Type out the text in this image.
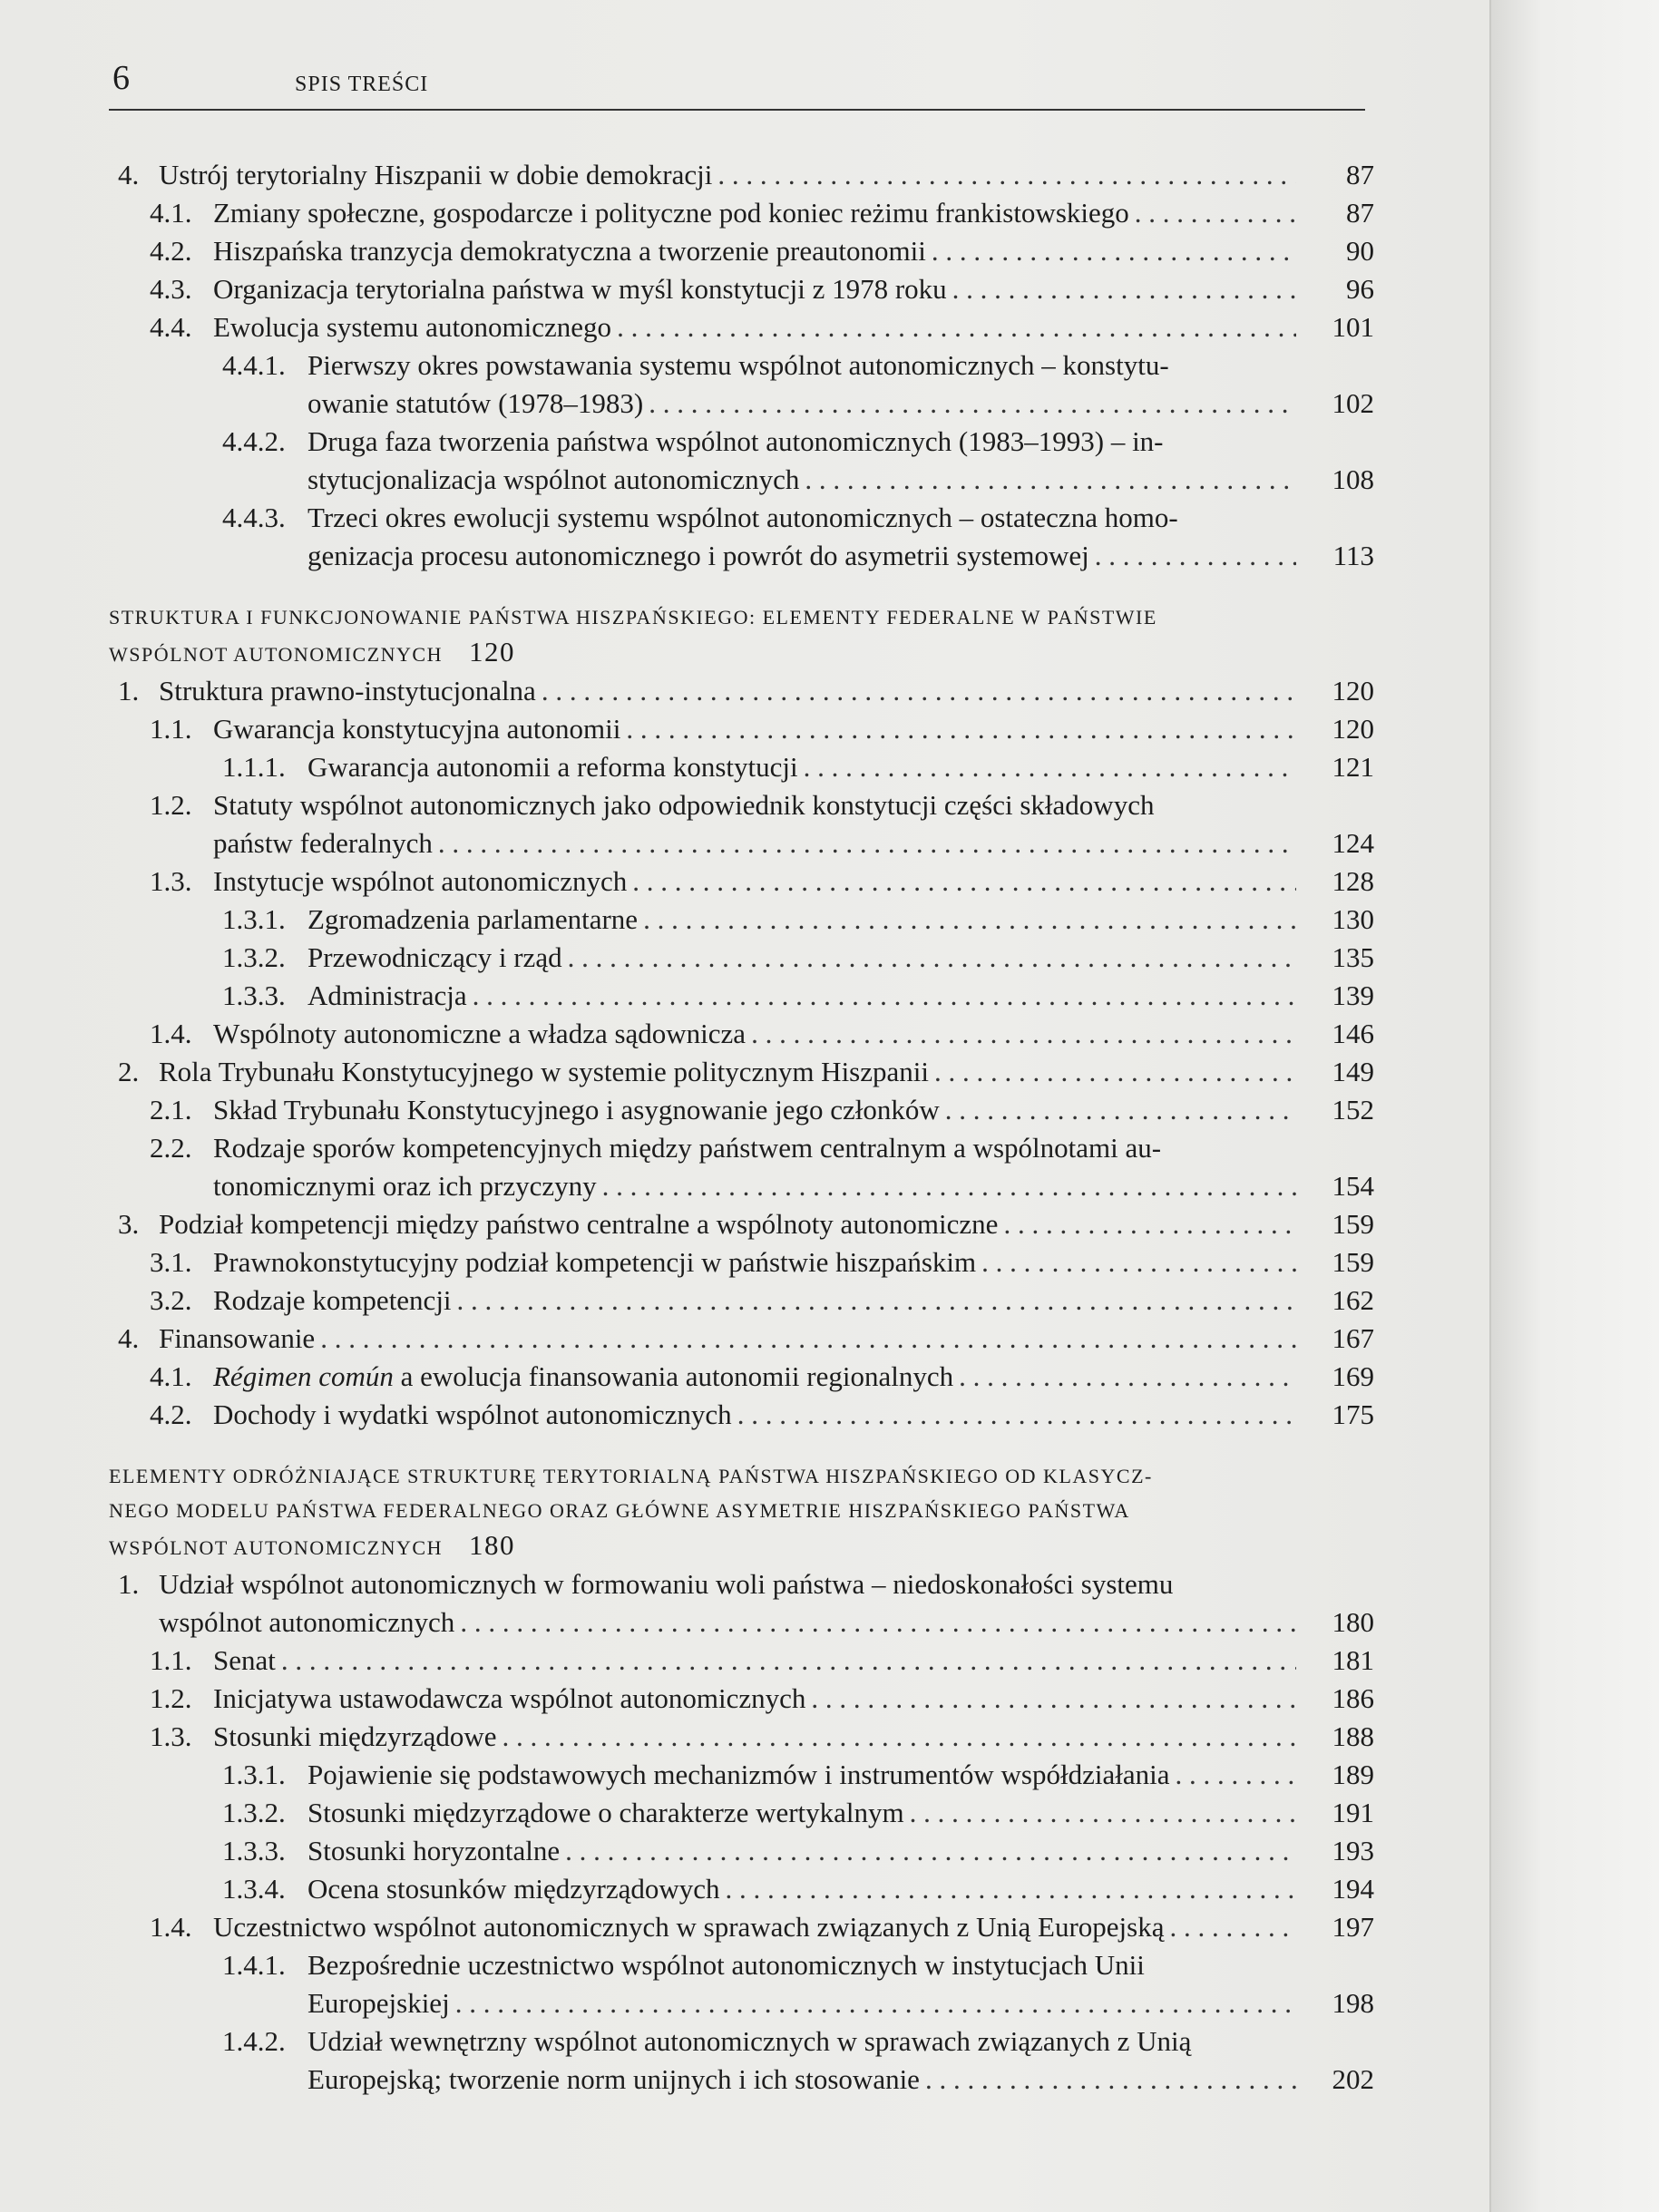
6	SPIS TREŚCI
4. Ustrój terytorialny Hiszpanii w dobie demokracji . . .	87
4.1. Zmiany społeczne, gospodarcze i polityczne pod koniec reżimu frankistowskiego . . .	87
4.2. Hiszpańska tranzycja demokratyczna a tworzenie preautonomii . . .	90
4.3. Organizacja terytorialna państwa w myśl konstytucji z 1978 roku . . .	96
4.4. Ewolucja systemu autonomicznego . . .	101
4.4.1. Pierwszy okres powstawania systemu wspólnot autonomicznych – konstytu-
owanie statutów (1978–1983) . . .	102
4.4.2. Druga faza tworzenia państwa wspólnot autonomicznych (1983–1993) – in-
stytucjonalizacja wspólnot autonomicznych . . .	108
4.4.3. Trzeci okres ewolucji systemu wspólnot autonomicznych – ostateczna homo-
genizacja procesu autonomicznego i powrót do asymetrii systemowej . . .	113
STRUKTURA I FUNKCJONOWANIE PAŃSTWA HISZPAŃSKIEGO: ELEMENTY FEDERALNE W PAŃSTWIE
WSPÓLNOT AUTONOMICZNYCH 120
1. Struktura prawno-instytucjonalna . . .	120
1.1. Gwarancja konstytucyjna autonomii . . .	120
1.1.1. Gwarancja autonomii a reforma konstytucji . . .	121
1.2. Statuty wspólnot autonomicznych jako odpowiednik konstytucji części składowych
państw federalnych . . .	124
1.3. Instytucje wspólnot autonomicznych . . .	128
1.3.1. Zgromadzenia parlamentarne . . .	130
1.3.2. Przewodniczący i rząd . . .	135
1.3.3. Administracja . . .	139
1.4. Wspólnoty autonomiczne a władza sądownicza . . .	146
2. Rola Trybunału Konstytucyjnego w systemie politycznym Hiszpanii . . .	149
2.1. Skład Trybunału Konstytucyjnego i asygnowanie jego członków . . .	152
2.2. Rodzaje sporów kompetencyjnych między państwem centralnym a wspólnotami au-
tonomicznymi oraz ich przyczyny . . .	154
3. Podział kompetencji między państwo centralne a wspólnoty autonomiczne . . .	159
3.1. Prawnokonstytucyjny podział kompetencji w państwie hiszpańskim . . .	159
3.2. Rodzaje kompetencji . . .	162
4. Finansowanie . . .	167
4.1. Régimen común a ewolucja finansowania autonomii regionalnych . . .	169
4.2. Dochody i wydatki wspólnot autonomicznych . . .	175
ELEMENTY ODRÓŻNIAJĄCE STRUKTURĘ TERYTORIALNĄ PAŃSTWA HISZPAŃSKIEGO OD KLASYCZ-
NEGO MODELU PAŃSTWA FEDERALNEGO ORAZ GŁÓWNE ASYMETRIE HISZPAŃSKIEGO PAŃSTWA
WSPÓLNOT AUTONOMICZNYCH 180
1. Udział wspólnot autonomicznych w formowaniu woli państwa – niedoskonałości systemu
wspólnot autonomicznych . . .	180
1.1. Senat . . .	181
1.2. Inicjatywa ustawodawcza wspólnot autonomicznych . . .	186
1.3. Stosunki międzyrządowe . . .	188
1.3.1. Pojawienie się podstawowych mechanizmów i instrumentów współdziałania . . .	189
1.3.2. Stosunki międzyrządowe o charakterze wertykalnym . . .	191
1.3.3. Stosunki horyzontalne . . .	193
1.3.4. Ocena stosunków międzyrządowych . . .	194
1.4. Uczestnictwo wspólnot autonomicznych w sprawach związanych z Unią Europejską . . .	197
1.4.1. Bezpośrednie uczestnictwo wspólnot autonomicznych w instytucjach Unii
Europejskiej . . .	198
1.4.2. Udział wewnętrzny wspólnot autonomicznych w sprawach związanych z Unią
Europejską; tworzenie norm unijnych i ich stosowanie . . .	202
